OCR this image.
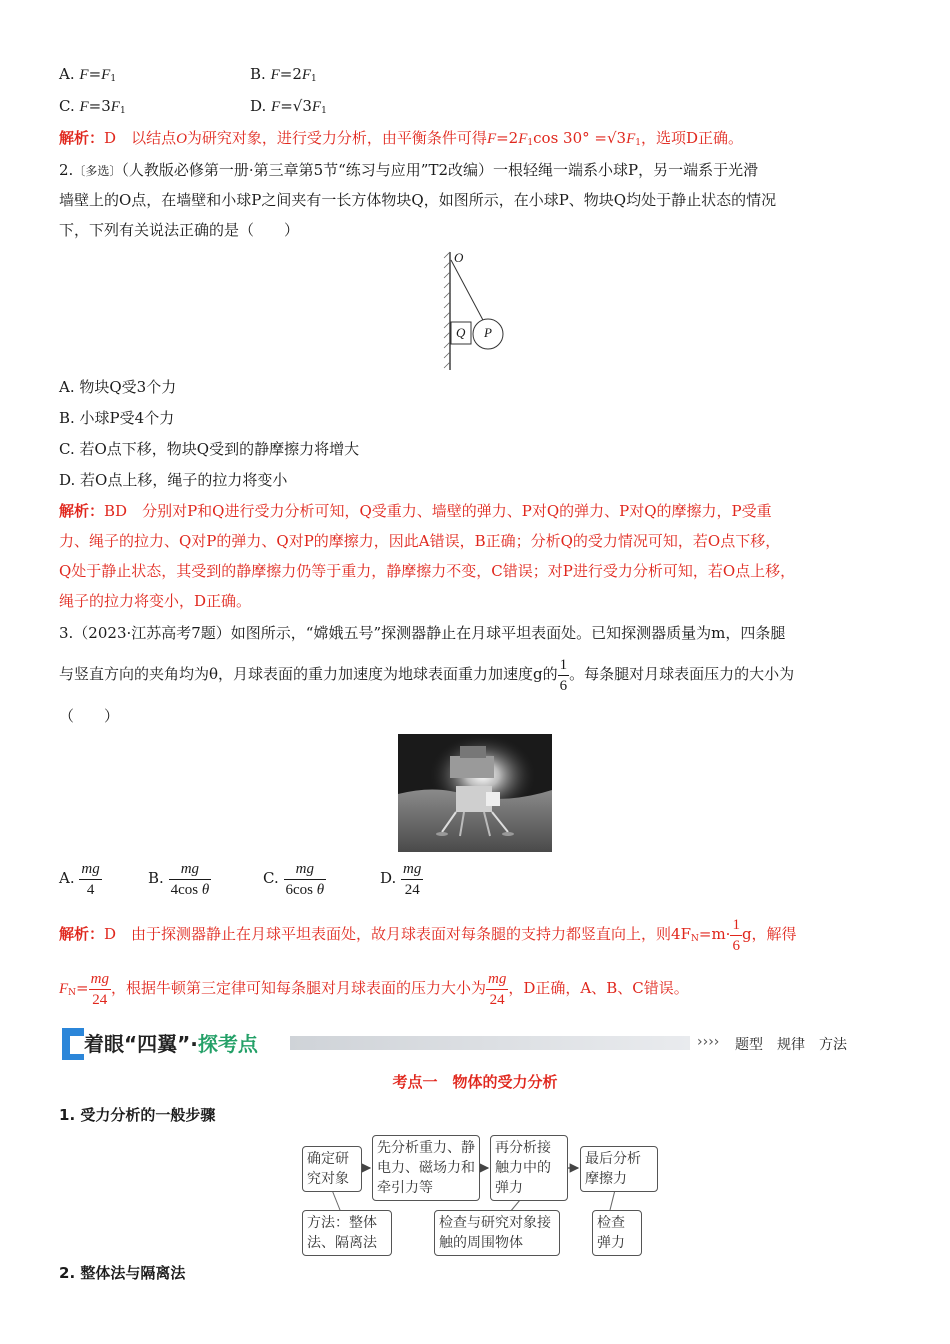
A. $F=F_1$	B. $F=2F_1$
C. $F=3F_1$	D. $F=√3F_1$
解析：D　 以结点O为研究对象，进行受力分析，由平衡条件可得$F=2F_1\cos$ $30^\circ =√3F_1$，选项D正确。
2.〔多选〕（人教版必修第一册·第三章第5节“练习与应用”T2改编）一根轻绳一端系小球P，另一端系于光滑
墙壁上的O点，在墙壁和小球P之间夹有一长方体物块Q，如图所示，在小球P、物块Q均处于静止状态的情况
下，下列有关说法正确的是（　　）
O
Q P
A. 物块Q受3个力
B. 小球P受4个力
C. 若O点下移，物块Q受到的静摩擦力将增大
D. 若O点上移，绳子的拉力将变小
解析：BD　分别对P和Q进行受力分析可知，Q受重力、墙壁的弹力、P对Q的弹力、P对Q的摩擦力，P受重
力、绳子的拉力、Q对P的弹力、Q对P的摩擦力，因此A错误，B正确；分析Q的受力情况可知，若O点下移，
Q处于静止状态，其受到的静摩擦力仍等于重力，静摩擦力不变，C错误；对P进行受力分析可知，若O点上移，
绳子的拉力将变小，D正确。
3.（2023·江苏高考7题）如图所示，“嫦娥五号”探测器静止在月球平坦表面处。已知探测器质量为m，四条腿
与竖直方向的夹角均为θ，月球表面的重力加速度为地球表面重力加速度g的 $\frac{1}{6}$ 。每条腿对月球表面压力的大小为
（　　）
A. $\frac{mg}{4}$	B. $\frac{mg}{\text{4cos θ}}$	C. $\frac{mg}{\text{6cos θ}}$	D. $\frac{mg}{24}$
解析：D　由于探测器静止在月球平坦表面处，故月球表面对每条腿的支持力都竖直向上，则$4F_N=m\cdot \frac{1}{6}$ g，解得
$F_N= \frac{mg}{24}$ ，根据牛顿第三定律可知每条腿对月球表面的压力大小为 $\frac{mg}{24}$ ，D正确，A、B、C错误。
着眼“四翼”·探考点	›››› 题型　规律　方法
考点一　物体的受力分析
1. 受力分析的一般步骤
确定研究对象
先分析重力、静电力、磁场力和牵引力等
再分析接触力中的弹力
最后分析摩擦力
方法：整体法、隔离法
检查与研究对象接触的周围物体
检查弹力
2. 整体法与隔离法
